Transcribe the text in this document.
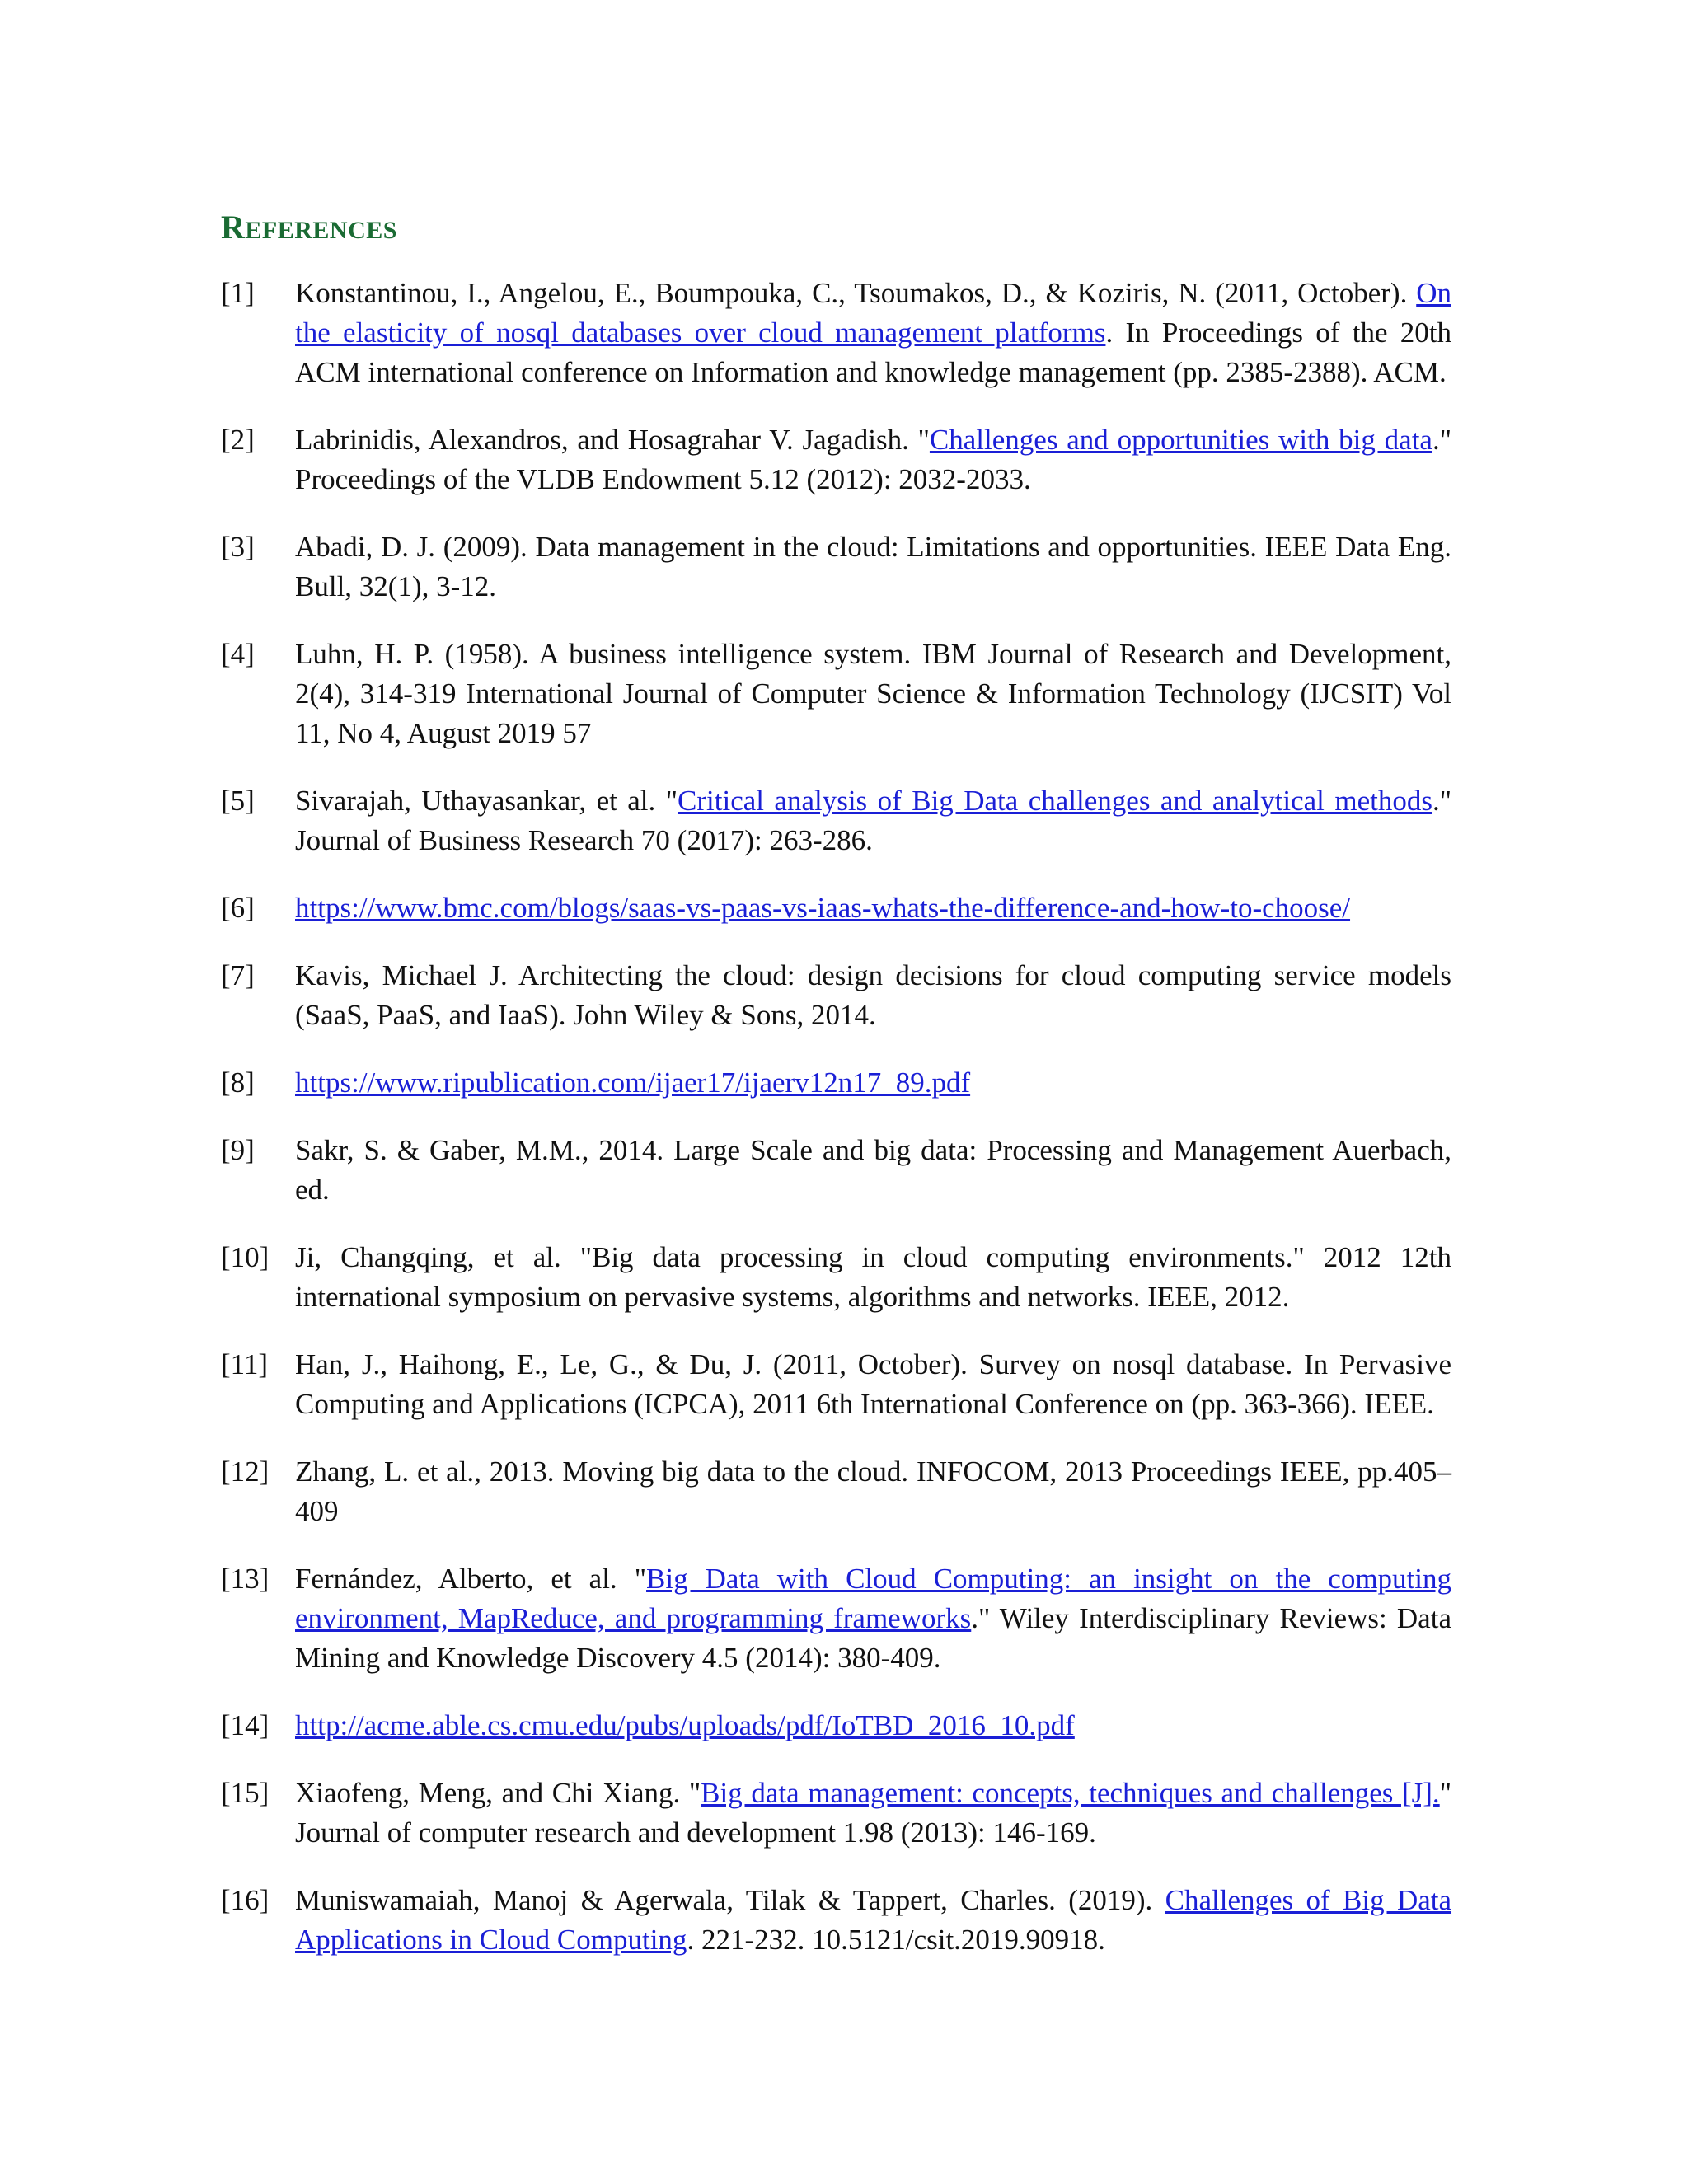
REFERENCES
[1]	Konstantinou, I., Angelou, E., Boumpouka, C., Tsoumakos, D., & Koziris, N. (2011, October). On the elasticity of nosql databases over cloud management platforms. In Proceedings of the 20th ACM international conference on Information and knowledge management (pp. 2385-2388). ACM.
[2]	Labrinidis, Alexandros, and Hosagrahar V. Jagadish. "Challenges and opportunities with big data." Proceedings of the VLDB Endowment 5.12 (2012): 2032-2033.
[3]	Abadi, D. J. (2009). Data management in the cloud: Limitations and opportunities. IEEE Data Eng. Bull, 32(1), 3-12.
[4]	Luhn, H. P. (1958). A business intelligence system. IBM Journal of Research and Development, 2(4), 314-319 International Journal of Computer Science & Information Technology (IJCSIT) Vol 11, No 4, August 2019 57
[5]	Sivarajah, Uthayasankar, et al. "Critical analysis of Big Data challenges and analytical methods." Journal of Business Research 70 (2017): 263-286.
[6]	https://www.bmc.com/blogs/saas-vs-paas-vs-iaas-whats-the-difference-and-how-to-choose/
[7]	Kavis, Michael J. Architecting the cloud: design decisions for cloud computing service models (SaaS, PaaS, and IaaS). John Wiley & Sons, 2014.
[8]	https://www.ripublication.com/ijaer17/ijaerv12n17_89.pdf
[9]	Sakr, S. & Gaber, M.M., 2014. Large Scale and big data: Processing and Management Auerbach, ed.
[10] Ji, Changqing, et al. "Big data processing in cloud computing environments." 2012 12th international symposium on pervasive systems, algorithms and networks. IEEE, 2012.
[11] Han, J., Haihong, E., Le, G., & Du, J. (2011, October). Survey on nosql database. In Pervasive Computing and Applications (ICPCA), 2011 6th International Conference on (pp. 363-366). IEEE.
[12] Zhang, L. et al., 2013. Moving big data to the cloud. INFOCOM, 2013 Proceedings IEEE, pp.405–409
[13] Fernández, Alberto, et al. "Big Data with Cloud Computing: an insight on the computing environment, MapReduce, and programming frameworks." Wiley Interdisciplinary Reviews: Data Mining and Knowledge Discovery 4.5 (2014): 380-409.
[14] http://acme.able.cs.cmu.edu/pubs/uploads/pdf/IoTBD_2016_10.pdf
[15] Xiaofeng, Meng, and Chi Xiang. "Big data management: concepts, techniques and challenges [J]." Journal of computer research and development 1.98 (2013): 146-169.
[16] Muniswamaiah, Manoj & Agerwala, Tilak & Tappert, Charles. (2019). Challenges of Big Data Applications in Cloud Computing. 221-232. 10.5121/csit.2019.90918.
